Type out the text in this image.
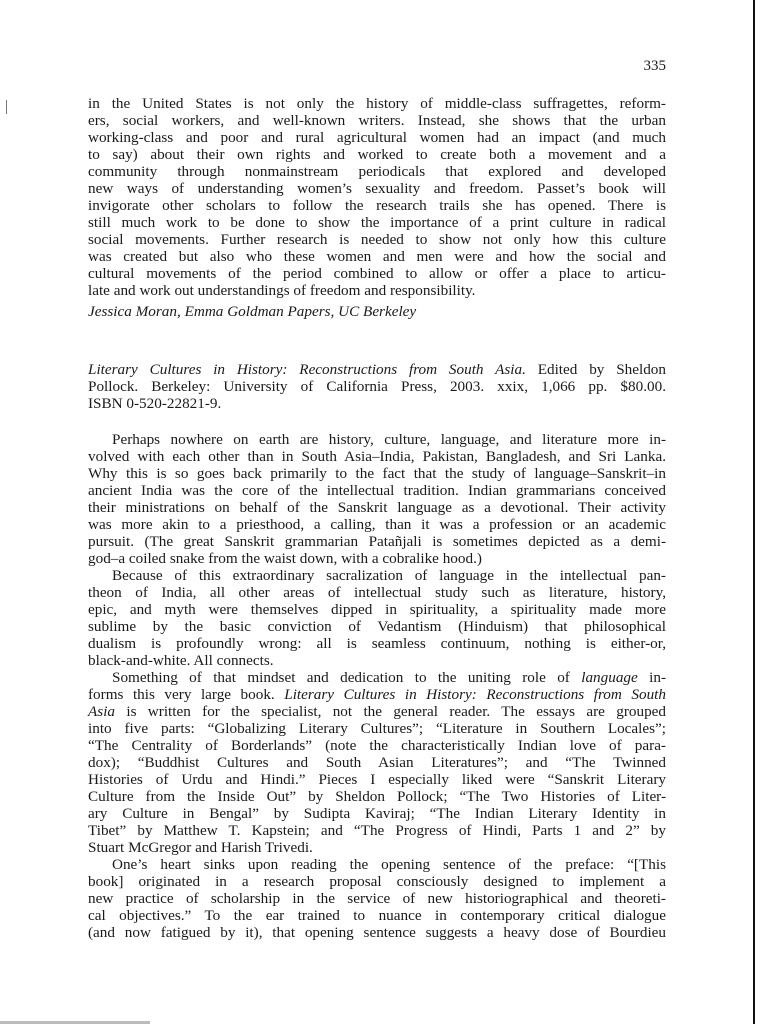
335
in the United States is not only the history of middle-class suffragettes, reform-
ers, social workers, and well-known writers. Instead, she shows that the urban
working-class and poor and rural agricultural women had an impact (and much
to say) about their own rights and worked to create both a movement and a
community through nonmainstream periodicals that explored and developed
new ways of understanding women’s sexuality and freedom. Passet’s book will
invigorate other scholars to follow the research trails she has opened. There is
still much work to be done to show the importance of a print culture in radical
social movements. Further research is needed to show not only how this culture
was created but also who these women and men were and how the social and
cultural movements of the period combined to allow or offer a place to articu-
late and work out understandings of freedom and responsibility.
Jessica Moran, Emma Goldman Papers, UC Berkeley
Literary Cultures in History: Reconstructions from South Asia. Edited by Sheldon
Pollock. Berkeley: University of California Press, 2003. xxix, 1,066 pp. $80.00.
ISBN 0-520-22821-9.
Perhaps nowhere on earth are history, culture, language, and literature more in-
volved with each other than in South Asia–India, Pakistan, Bangladesh, and Sri Lanka.
Why this is so goes back primarily to the fact that the study of language–Sanskrit–in
ancient India was the core of the intellectual tradition. Indian grammarians conceived
their ministrations on behalf of the Sanskrit language as a devotional. Their activity
was more akin to a priesthood, a calling, than it was a profession or an academic
pursuit. (The great Sanskrit grammarian Patañjali is sometimes depicted as a demi-
god–a coiled snake from the waist down, with a cobralike hood.)
Because of this extraordinary sacralization of language in the intellectual pan-
theon of India, all other areas of intellectual study such as literature, history,
epic, and myth were themselves dipped in spirituality, a spirituality made more
sublime by the basic conviction of Vedantism (Hinduism) that philosophical
dualism is profoundly wrong: all is seamless continuum, nothing is either-or,
black-and-white. All connects.
Something of that mindset and dedication to the uniting role of language in-
forms this very large book. Literary Cultures in History: Reconstructions from South
Asia is written for the specialist, not the general reader. The essays are grouped
into five parts: “Globalizing Literary Cultures”; “Literature in Southern Locales”;
“The Centrality of Borderlands” (note the characteristically Indian love of para-
dox); “Buddhist Cultures and South Asian Literatures”; and “The Twinned
Histories of Urdu and Hindi.” Pieces I especially liked were “Sanskrit Literary
Culture from the Inside Out” by Sheldon Pollock; “The Two Histories of Liter-
ary Culture in Bengal” by Sudipta Kaviraj; “The Indian Literary Identity in
Tibet” by Matthew T. Kapstein; and “The Progress of Hindi, Parts 1 and 2” by
Stuart McGregor and Harish Trivedi.
One’s heart sinks upon reading the opening sentence of the preface: “[This
book] originated in a research proposal consciously designed to implement a
new practice of scholarship in the service of new historiographical and theoreti-
cal objectives.” To the ear trained to nuance in contemporary critical dialogue
(and now fatigued by it), that opening sentence suggests a heavy dose of Bourdieu
